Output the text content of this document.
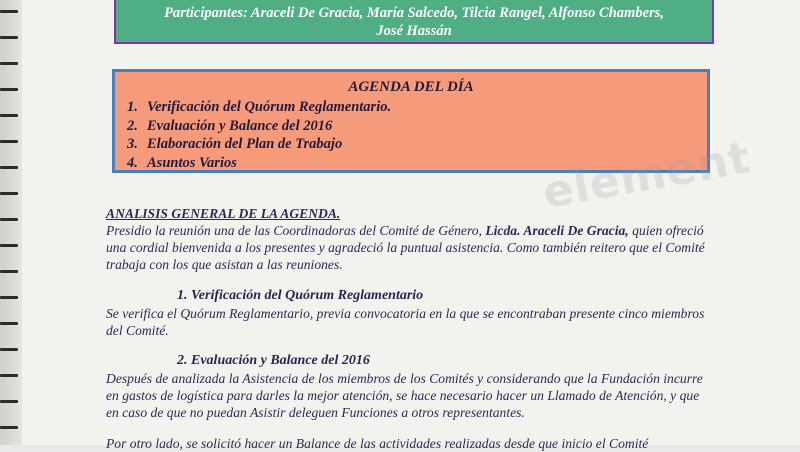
Participantes: Araceli De Gracia, María Salcedo, Tilcia Rangel, Alfonso Chambers,
José Hassán
AGENDA DEL DÍA
1. Verificación del Quórum Reglamentario.
2. Evaluación y Balance del 2016
3. Elaboración del Plan de Trabajo
4. Asuntos Varios	element
ANALISIS GENERAL DE LA AGENDA.
Presidio la reunión una de las Coordinadoras del Comité de Género, Licda. Araceli De Gracia, quien ofreció una cordial bienvenida a los presentes y agradeció la puntual asistencia. Como también reitero que el Comité trabaja con los que asistan a las reuniones.
1. Verificación del Quórum Reglamentario
Se verifica el Quórum Reglamentario, previa convocatoria en la que se encontraban presente cinco miembros del Comité.
2. Evaluación y Balance del 2016
Después de analizada la Asistencia de los miembros de los Comités y considerando que la Fundación incurre en gastos de logística para darles la mejor atención, se hace necesario hacer un Llamado de Atención, y que en caso de que no puedan Asistir deleguen Funciones a otros representantes.
Por otro lado, se solicitó hacer un Balance de las actividades realizadas desde que inicio el Comité
